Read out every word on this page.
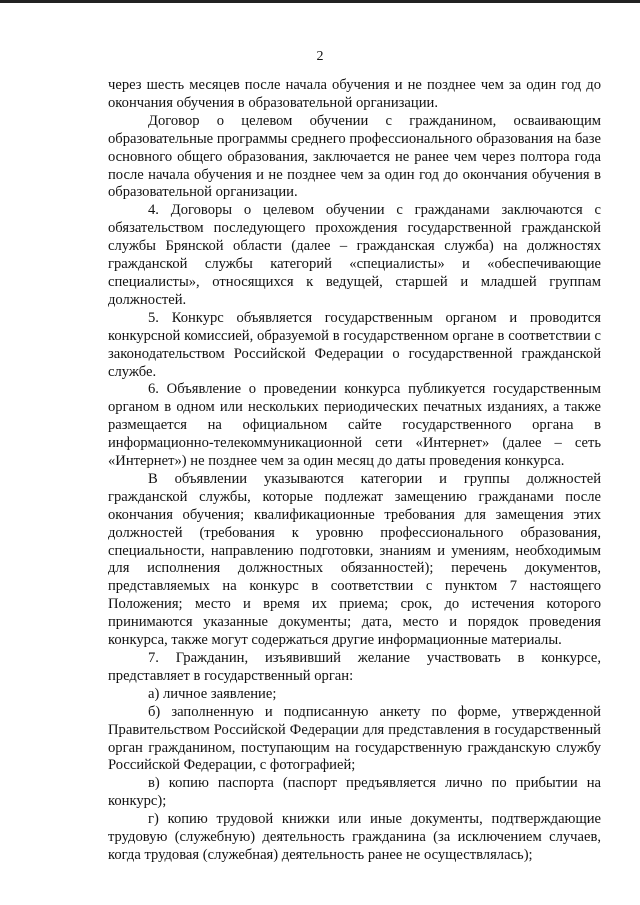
2

через шесть месяцев после начала обучения и не позднее чем за один год до окончания обучения в образовательной организации.

Договор о целевом обучении с гражданином, осваивающим образовательные программы среднего профессионального образования на базе основного общего образования, заключается не ранее чем через полтора года после начала обучения и не позднее чем за один год до окончания обучения в образовательной организации.

4. Договоры о целевом обучении с гражданами заключаются с обязательством последующего прохождения государственной гражданской службы Брянской области (далее – гражданская служба) на должностях гражданской службы категорий «специалисты» и «обеспечивающие специалисты», относящихся к ведущей, старшей и младшей группам должностей.

5. Конкурс объявляется государственным органом и проводится конкурсной комиссией, образуемой в государственном органе в соответствии с законодательством Российской Федерации о государственной гражданской службе.

6. Объявление о проведении конкурса публикуется государственным органом в одном или нескольких периодических печатных изданиях, а также размещается на официальном сайте государственного органа в информационно-телекоммуникационной сети «Интернет» (далее – сеть «Интернет») не позднее чем за один месяц до даты проведения конкурса.

В объявлении указываются категории и группы должностей гражданской службы, которые подлежат замещению гражданами после окончания обучения; квалификационные требования для замещения этих должностей (требования к уровню профессионального образования, специальности, направлению подготовки, знаниям и умениям, необходимым для исполнения должностных обязанностей); перечень документов, представляемых на конкурс в соответствии с пунктом 7 настоящего Положения; место и время их приема; срок, до истечения которого принимаются указанные документы; дата, место и порядок проведения конкурса, также могут содержаться другие информационные материалы.

7. Гражданин, изъявивший желание участвовать в конкурсе, представляет в государственный орган:

а) личное заявление;

б) заполненную и подписанную анкету по форме, утвержденной Правительством Российской Федерации для представления в государственный орган гражданином, поступающим на государственную гражданскую службу Российской Федерации, с фотографией;

в) копию паспорта (паспорт предъявляется лично по прибытии на конкурс);

г) копию трудовой книжки или иные документы, подтверждающие трудовую (служебную) деятельность гражданина (за исключением случаев, когда трудовая (служебная) деятельность ранее не осуществлялась);
